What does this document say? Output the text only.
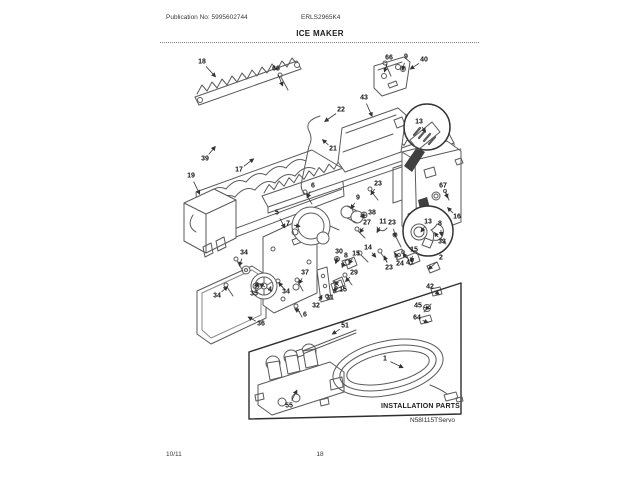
Publication No: 5995602744	ERLS2965K4
ICE MAKER
18
66
66 9 40
43
22
13
21
39
17
19
6	23	67
9
5	38
16
11	13
23
27
7	8
33
14	15
30
34	15
8	2
41
24
23
37	29
42
4	15
34
35
34	31
32	45
6	64
36	51
1
55	INSTALLATION PARTS
N58I115TServo
10/11	18
